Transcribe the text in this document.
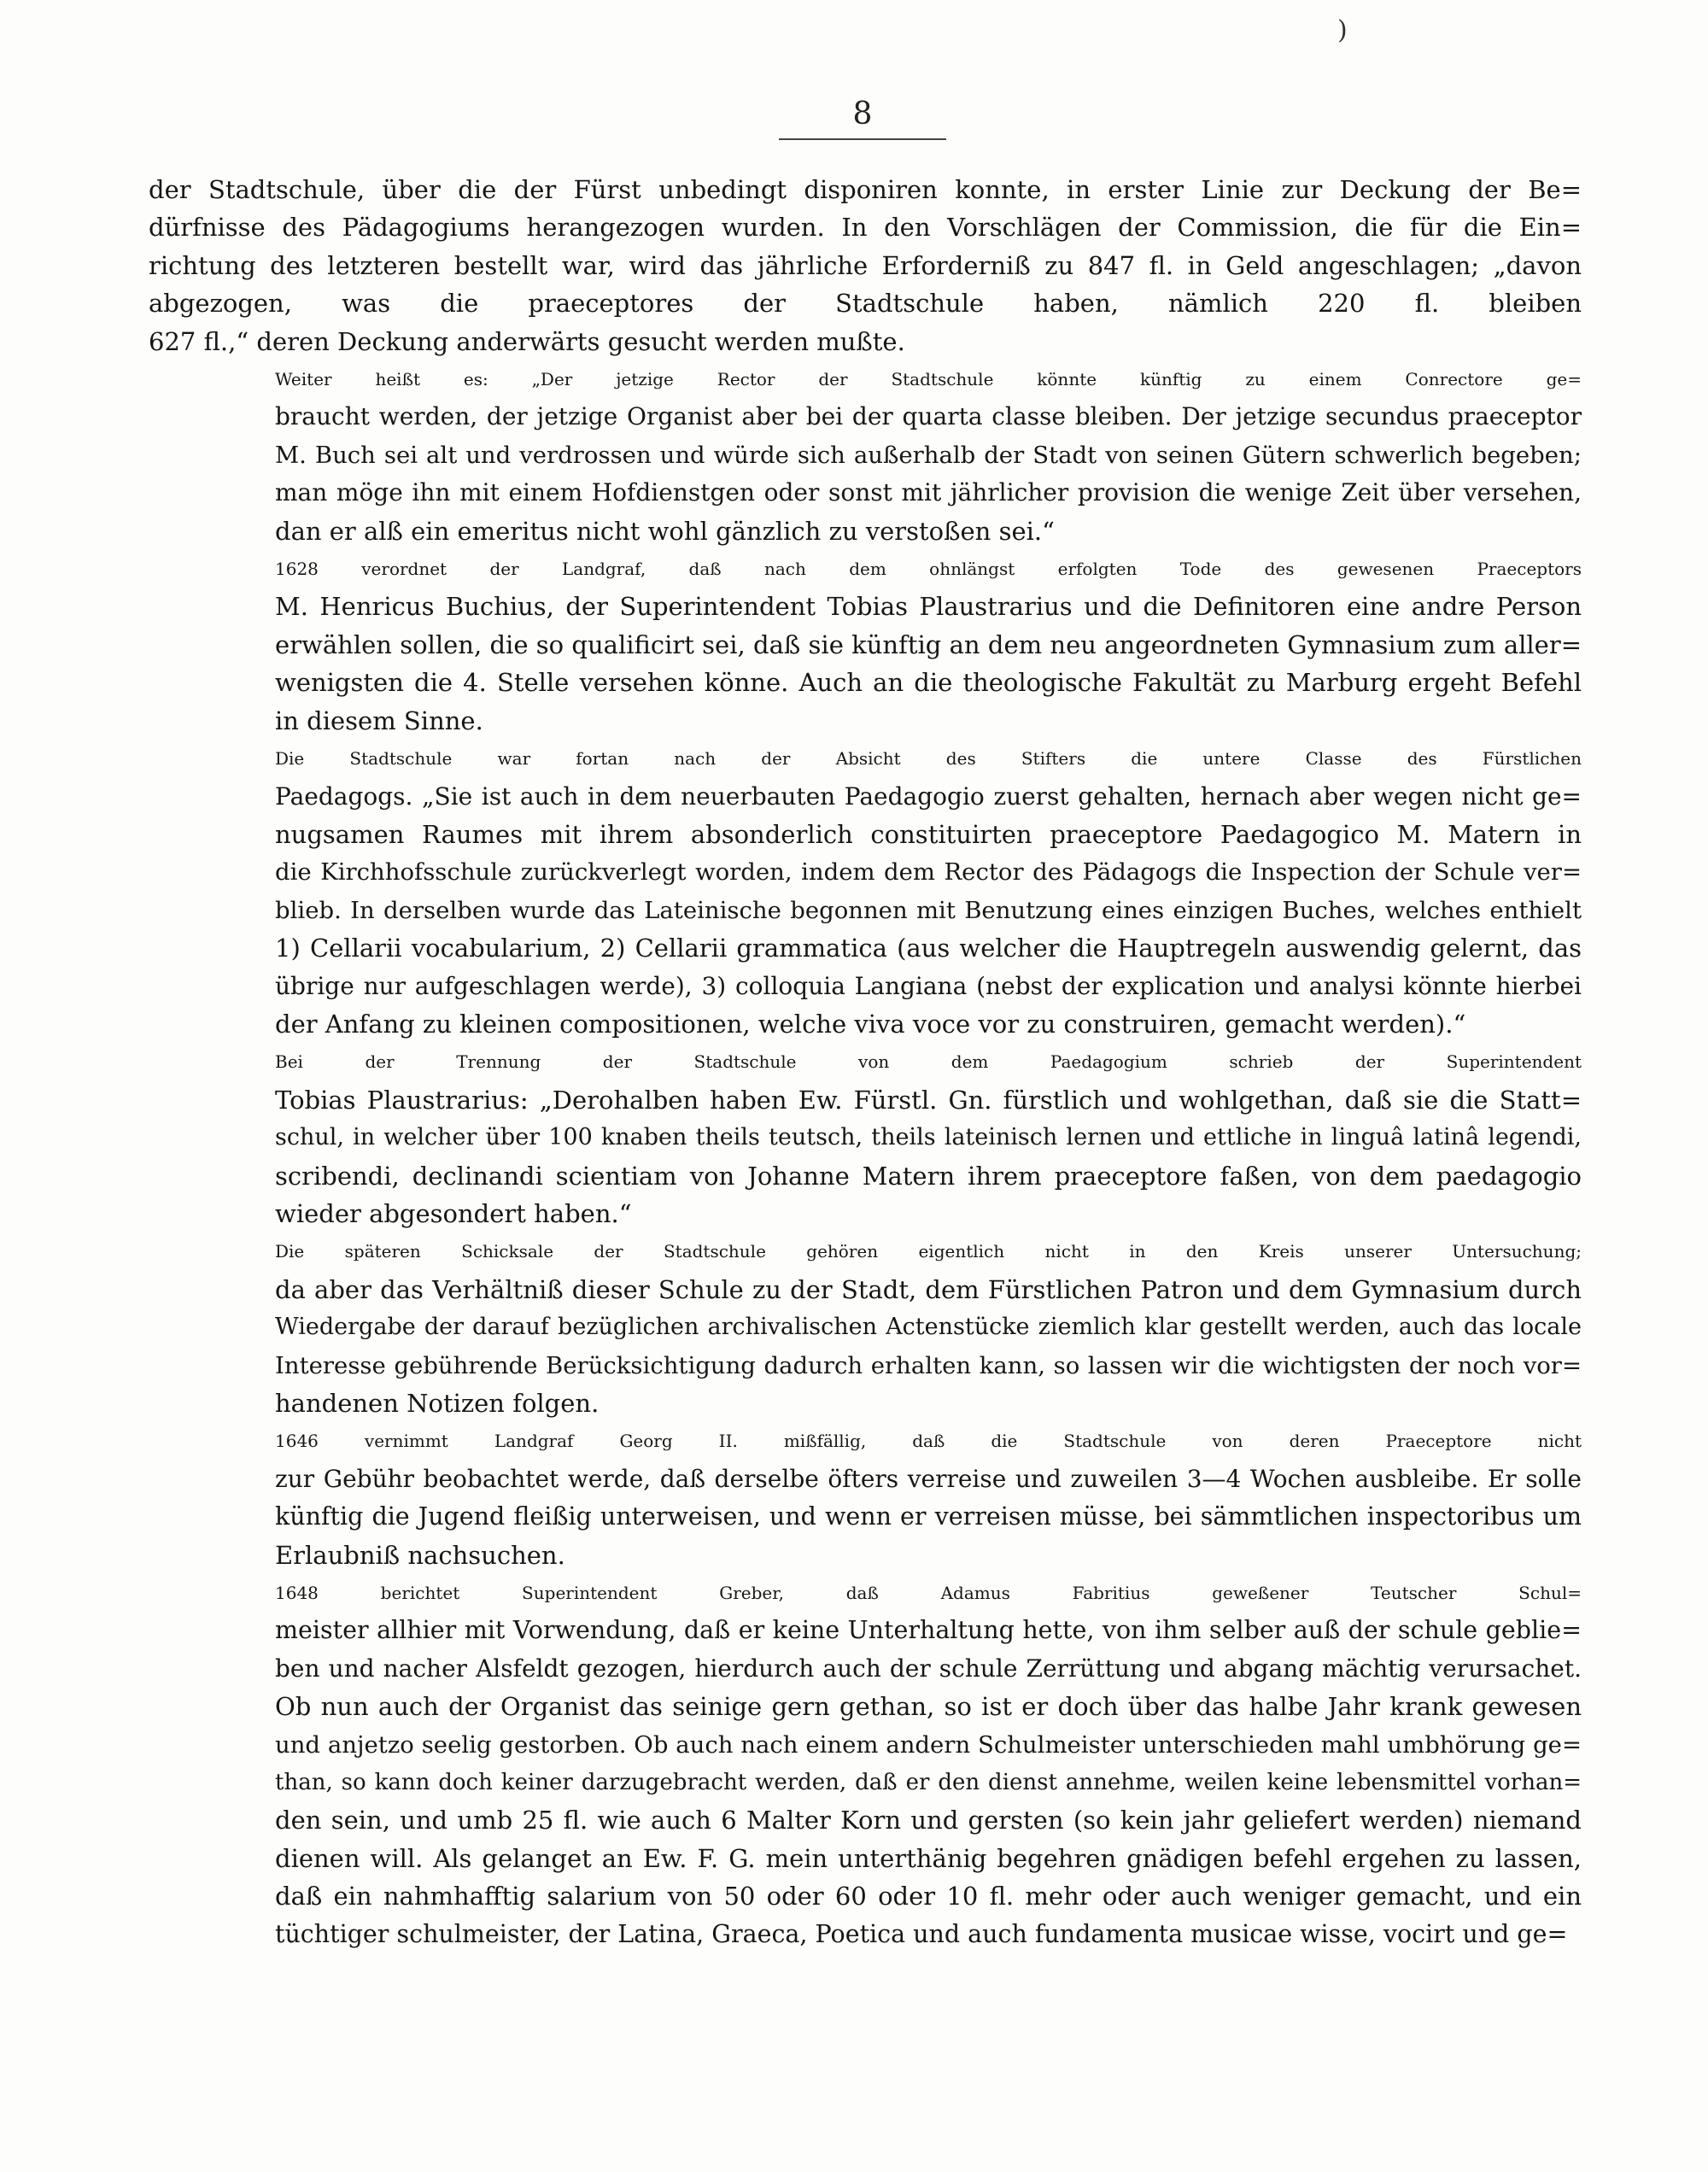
)
8

der Stadtschule, über die der Fürst unbedingt disponiren konnte, in erster Linie zur Deckung der Be=
dürfnisse des Pädagogiums herangezogen wurden. In den Vorschlägen der Commission, die für die Ein=
richtung des letzteren bestellt war, wird das jährliche Erforderniß zu 847 fl. in Geld angeschlagen; „davon
abgezogen, was die praeceptores der Stadtschule haben, nämlich 220 fl. bleiben
627 fl.,“ deren Deckung anderwärts gesucht werden mußte.

Weiter heißt es: „Der jetzige Rector der Stadtschule könnte künftig zu einem Conrectore ge=
braucht werden, der jetzige Organist aber bei der quarta classe bleiben. Der jetzige secundus praeceptor
M. Buch sei alt und verdrossen und würde sich außerhalb der Stadt von seinen Gütern schwerlich begeben;
man möge ihn mit einem Hofdienstgen oder sonst mit jährlicher provision die wenige Zeit über versehen,
dan er alß ein emeritus nicht wohl gänzlich zu verstoßen sei.“

1628 verordnet der Landgraf, daß nach dem ohnlängst erfolgten Tode des gewesenen Praeceptors
M. Henricus Buchius, der Superintendent Tobias Plaustrarius und die Definitoren eine andre Person
erwählen sollen, die so qualificirt sei, daß sie künftig an dem neu angeordneten Gymnasium zum aller=
wenigsten die 4. Stelle versehen könne. Auch an die theologische Fakultät zu Marburg ergeht Befehl
in diesem Sinne.

Die Stadtschule war fortan nach der Absicht des Stifters die untere Classe des Fürstlichen
Paedagogs. „Sie ist auch in dem neuerbauten Paedagogio zuerst gehalten, hernach aber wegen nicht ge=
nugsamen Raumes mit ihrem absonderlich constituirten praeceptore Paedagogico M. Matern in
die Kirchhofsschule zurückverlegt worden, indem dem Rector des Pädagogs die Inspection der Schule ver=
blieb. In derselben wurde das Lateinische begonnen mit Benutzung eines einzigen Buches, welches enthielt
1) Cellarii vocabularium, 2) Cellarii grammatica (aus welcher die Hauptregeln auswendig gelernt, das
übrige nur aufgeschlagen werde), 3) colloquia Langiana (nebst der explication und analysi könnte hierbei
der Anfang zu kleinen compositionen, welche viva voce vor zu construiren, gemacht werden).“

Bei der Trennung der Stadtschule von dem Paedagogium schrieb der Superintendent
Tobias Plaustrarius: „Derohalben haben Ew. Fürstl. Gn. fürstlich und wohlgethan, daß sie die Statt=
schul, in welcher über 100 knaben theils teutsch, theils lateinisch lernen und ettliche in linguâ latinâ legendi,
scribendi, declinandi scientiam von Johanne Matern ihrem praeceptore faßen, von dem paedagogio
wieder abgesondert haben.“

Die späteren Schicksale der Stadtschule gehören eigentlich nicht in den Kreis unserer Untersuchung;
da aber das Verhältniß dieser Schule zu der Stadt, dem Fürstlichen Patron und dem Gymnasium durch
Wiedergabe der darauf bezüglichen archivalischen Actenstücke ziemlich klar gestellt werden, auch das locale
Interesse gebührende Berücksichtigung dadurch erhalten kann, so lassen wir die wichtigsten der noch vor=
handenen Notizen folgen.

1646 vernimmt Landgraf Georg II. mißfällig, daß die Stadtschule von deren Praeceptore nicht
zur Gebühr beobachtet werde, daß derselbe öfters verreise und zuweilen 3—4 Wochen ausbleibe. Er solle
künftig die Jugend fleißig unterweisen, und wenn er verreisen müsse, bei sämmtlichen inspectoribus um
Erlaubniß nachsuchen.

1648 berichtet Superintendent Greber, daß Adamus Fabritius geweßener Teutscher Schul=
meister allhier mit Vorwendung, daß er keine Unterhaltung hette, von ihm selber auß der schule geblie=
ben und nacher Alsfeldt gezogen, hierdurch auch der schule Zerrüttung und abgang mächtig verursachet.
Ob nun auch der Organist das seinige gern gethan, so ist er doch über das halbe Jahr krank gewesen
und anjetzo seelig gestorben. Ob auch nach einem andern Schulmeister unterschieden mahl umbhörung ge=
than, so kann doch keiner darzugebracht werden, daß er den dienst annehme, weilen keine lebensmittel vorhan=
den sein, und umb 25 fl. wie auch 6 Malter Korn und gersten (so kein jahr geliefert werden) niemand
dienen will. Als gelanget an Ew. F. G. mein unterthänig begehren gnädigen befehl ergehen zu lassen,
daß ein nahmhafftig salarium von 50 oder 60 oder 10 fl. mehr oder auch weniger gemacht, und ein
tüchtiger schulmeister, der Latina, Graeca, Poetica und auch fundamenta musicae wisse, vocirt und ge=
